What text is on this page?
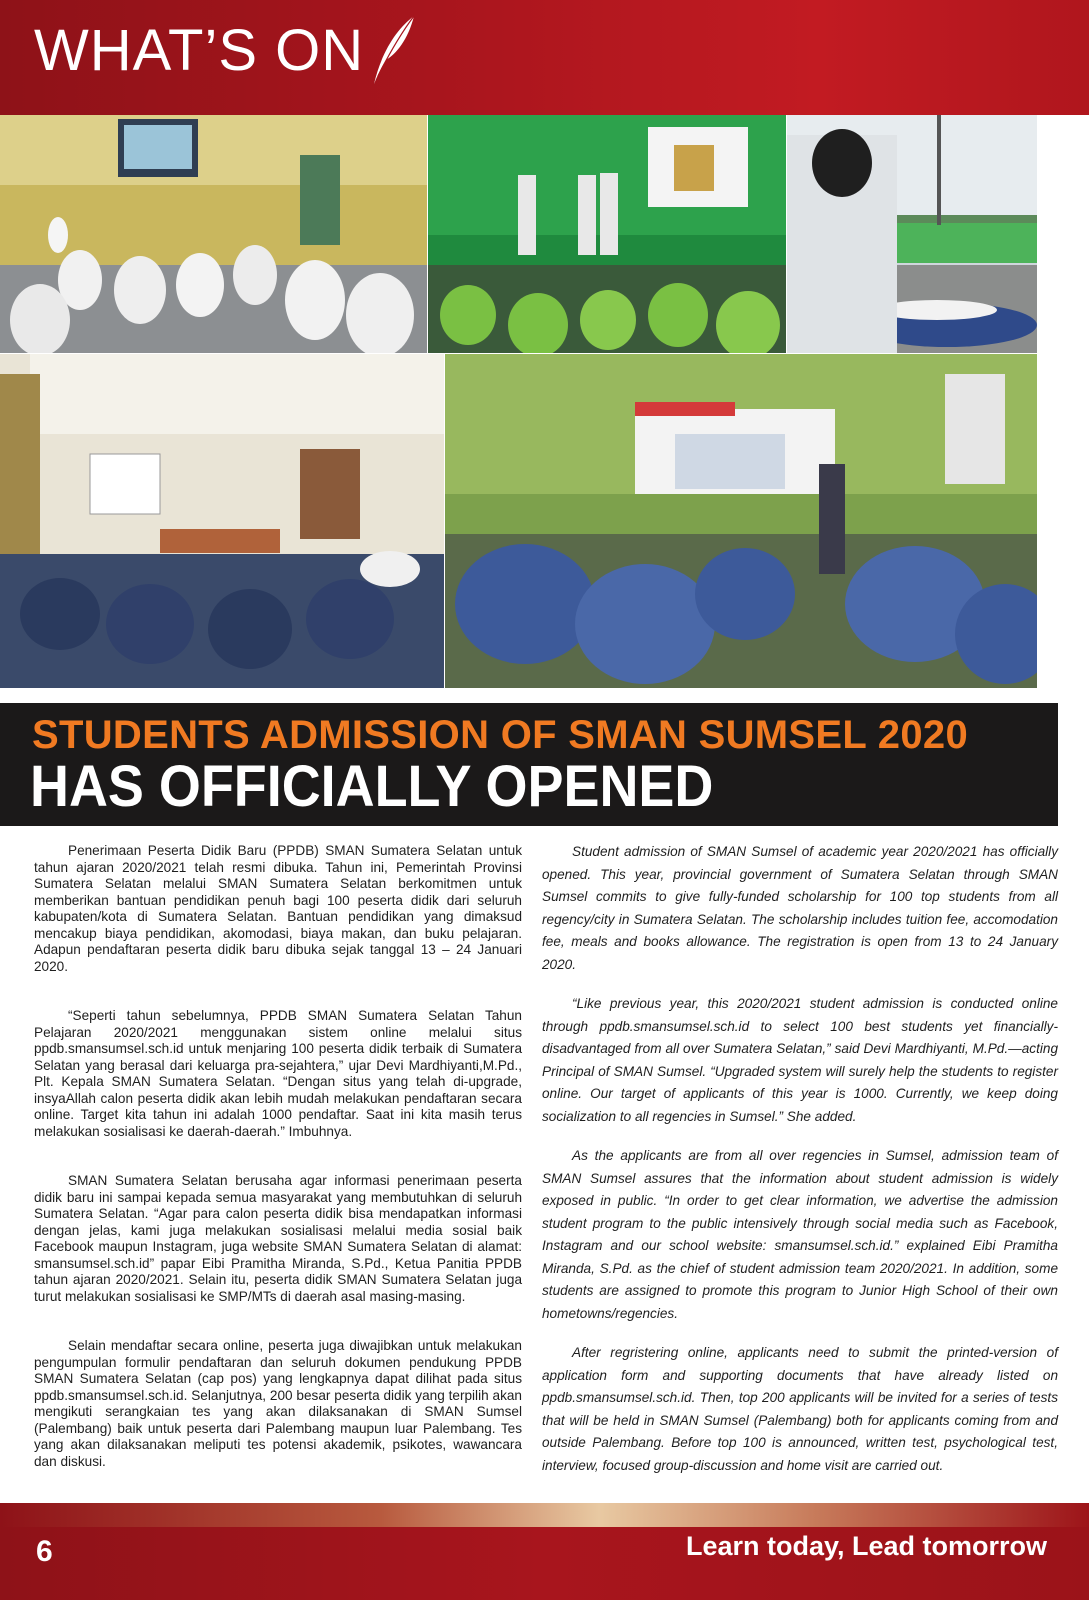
WHAT’S ON
STUDENTS ADMISSION OF SMAN SUMSEL 2020
HAS OFFICIALLY OPENED

Penerimaan Peserta Didik Baru (PPDB) SMAN Sumatera Selatan untuk tahun ajaran 2020/2021 telah resmi dibuka. Tahun ini, Pemerintah Provinsi Sumatera Selatan melalui SMAN Sumatera Selatan berkomitmen untuk memberikan bantuan pendidikan penuh bagi 100 peserta didik dari seluruh kabupaten/kota di Sumatera Selatan. Bantuan pendidikan yang dimaksud mencakup biaya pendidikan, akomodasi, biaya makan, dan buku pelajaran. Adapun pendaftaran peserta didik baru dibuka sejak tanggal 13 – 24 Januari 2020.

“Seperti tahun sebelumnya, PPDB SMAN Sumatera Selatan Tahun Pelajaran 2020/2021 menggunakan sistem online melalui situs ppdb.smansumsel.sch.id untuk menjaring 100 peserta didik terbaik di Sumatera Selatan yang berasal dari keluarga pra-sejahtera,” ujar Devi Mardhiyanti,M.Pd., Plt. Kepala SMAN Sumatera Selatan. “Dengan situs yang telah di-upgrade, insyaAllah calon peserta didik akan lebih mudah melakukan pendaftaran secara online. Target kita tahun ini adalah 1000 pendaftar. Saat ini kita masih terus melakukan sosialisasi ke daerah-daerah.” Imbuhnya.

SMAN Sumatera Selatan berusaha agar informasi penerimaan peserta didik baru ini sampai kepada semua masyarakat yang membutuhkan di seluruh Sumatera Selatan. “Agar para calon peserta didik bisa mendapatkan informasi dengan jelas, kami juga melakukan sosialisasi melalui media sosial baik Facebook maupun Instagram, juga website SMAN Sumatera Selatan di alamat: smansumsel.sch.id” papar Eibi Pramitha Miranda, S.Pd., Ketua Panitia PPDB tahun ajaran 2020/2021. Selain itu, peserta didik SMAN Sumatera Selatan juga turut melakukan sosialisasi ke SMP/MTs di daerah asal masing-masing.

Selain mendaftar secara online, peserta juga diwajibkan untuk melakukan pengumpulan formulir pendaftaran dan seluruh dokumen pendukung PPDB SMAN Sumatera Selatan (cap pos) yang lengkapnya dapat dilihat pada situs ppdb.smansumsel.sch.id. Selanjutnya, 200 besar peserta didik yang terpilih akan mengikuti serangkaian tes yang akan dilaksanakan di SMAN Sumsel (Palembang) baik untuk peserta dari Palembang maupun luar Palembang. Tes yang akan dilaksanakan meliputi tes potensi akademik, psikotes, wawancara dan diskusi.

Student admission of SMAN Sumsel of academic year 2020/2021 has officially opened. This year, provincial government of Sumatera Selatan through SMAN Sumsel commits to give fully-funded scholarship for 100 top students from all regency/city in Sumatera Selatan. The scholarship includes tuition fee, accomodation fee, meals and books allowance. The registration is open from 13 to 24 January 2020.

“Like previous year, this 2020/2021 student admission is conducted online through ppdb.smansumsel.sch.id to select 100 best students yet financially-disadvantaged from all over Sumatera Selatan,” said Devi Mardhiyanti, M.Pd.—acting Principal of SMAN Sumsel. “Upgraded system will surely help the students to register online. Our target of applicants of this year is 1000. Currently, we keep doing socialization to all regencies in Sumsel.” She added.

As the applicants are from all over regencies in Sumsel, admission team of SMAN Sumsel assures that the information about student admission is widely exposed in public. “In order to get clear information, we advertise the admission student program to the public intensively through social media such as Facebook, Instagram and our school website: smansumsel.sch.id.” explained Eibi Pramitha Miranda, S.Pd. as the chief of student admission team 2020/2021. In addition, some students are assigned to promote this program to Junior High School of their own hometowns/regencies.

After regristering online, applicants need to submit the printed-version of application form and supporting documents that have already listed on ppdb.smansumsel.sch.id. Then, top 200 applicants will be invited for a series of tests that will be held in SMAN Sumsel (Palembang) both for applicants coming from and outside Palembang. Before top 100 is announced, written test, psychological test, interview, focused group-discussion and home visit are carried out.

6	Learn today, Lead tomorrow
